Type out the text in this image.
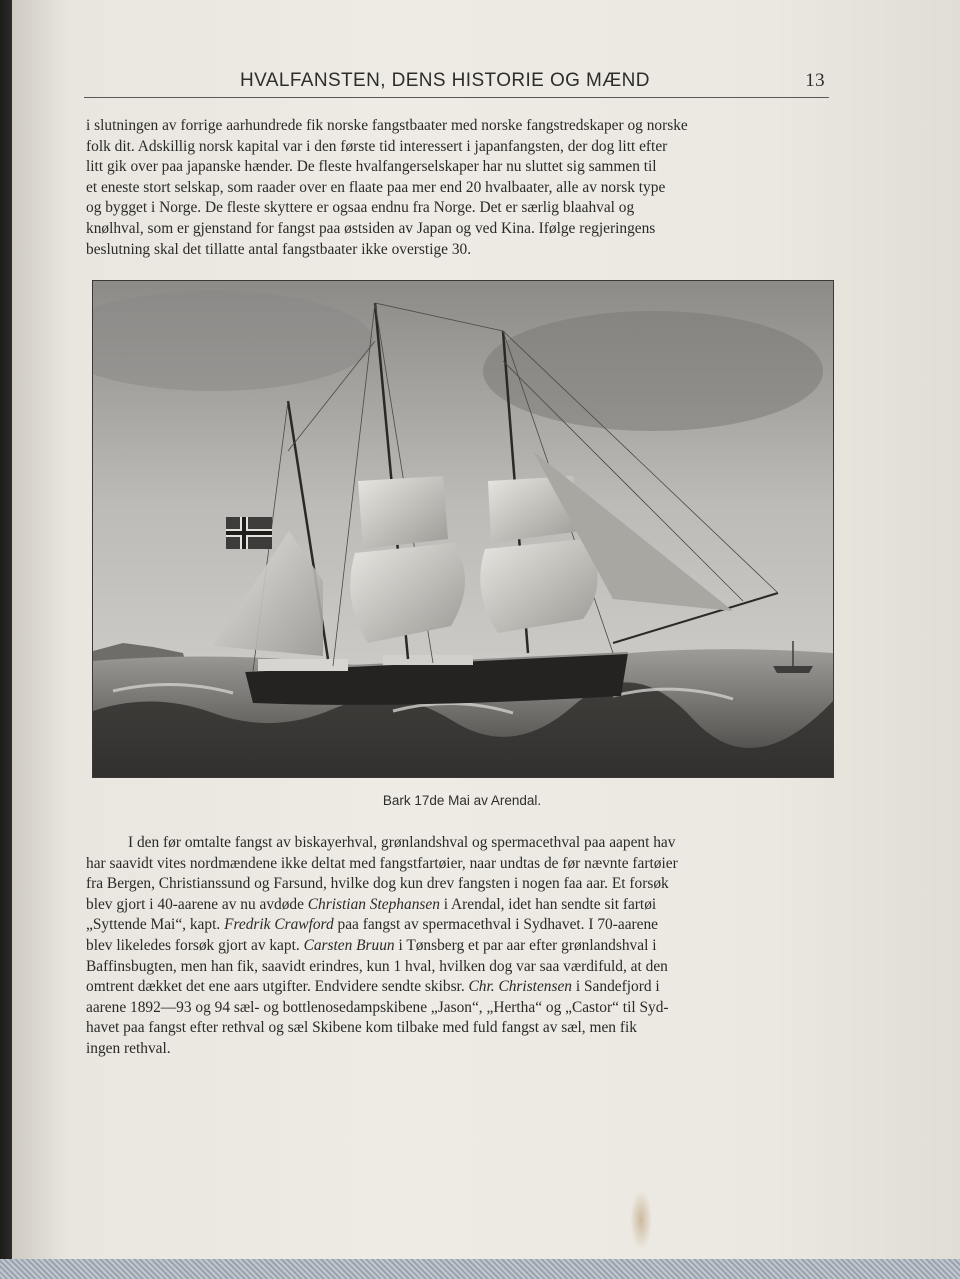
HVALFANSTEN, DENS HISTORIE OG MÆND	13
i slutningen av forrige aarhundrede fik norske fangstbaater med norske fangstredskaper og norske
folk dit. Adskillig norsk kapital var i den første tid interessert i japanfangsten, der dog litt efter
litt gik over paa japanske hænder. De fleste hvalfangerselskaper har nu sluttet sig sammen til
et eneste stort selskap, som raader over en flaate paa mer end 20 hvalbaater, alle av norsk type
og bygget i Norge. De fleste skyttere er ogsaa endnu fra Norge. Det er særlig blaahval og
knølhval, som er gjenstand for fangst paa østsiden av Japan og ved Kina. Ifølge regjeringens
beslutning skal det tillatte antal fangstbaater ikke overstige 30.
Bark 17de Mai av Arendal.
I den før omtalte fangst av biskayerhval, grønlandshval og spermacethval paa aapent hav
har saavidt vites nordmændene ikke deltat med fangstfartøier, naar undtas de før nævnte fartøier
fra Bergen, Christianssund og Farsund, hvilke dog kun drev fangsten i nogen faa aar. Et forsøk
blev gjort i 40-aarene av nu avdøde Christian Stephansen i Arendal, idet han sendte sit fartøi
„Syttende Mai“, kapt. Fredrik Crawford paa fangst av spermacethval i Sydhavet. I 70-aarene
blev likeledes forsøk gjort av kapt. Carsten Bruun i Tønsberg et par aar efter grønlandshval i
Baffinsbugten, men han fik, saavidt erindres, kun 1 hval, hvilken dog var saa værdifuld, at den
omtrent dækket det ene aars utgifter. Endvidere sendte skibsr. Chr. Christensen i Sandefjord i
aarene 1892—93 og 94 sæl- og bottlenosedampskibene „Jason“, „Hertha“ og „Castor“ til Syd-
havet paa fangst efter rethval og sæl Skibene kom tilbake med fuld fangst av sæl, men fik
ingen rethval.
